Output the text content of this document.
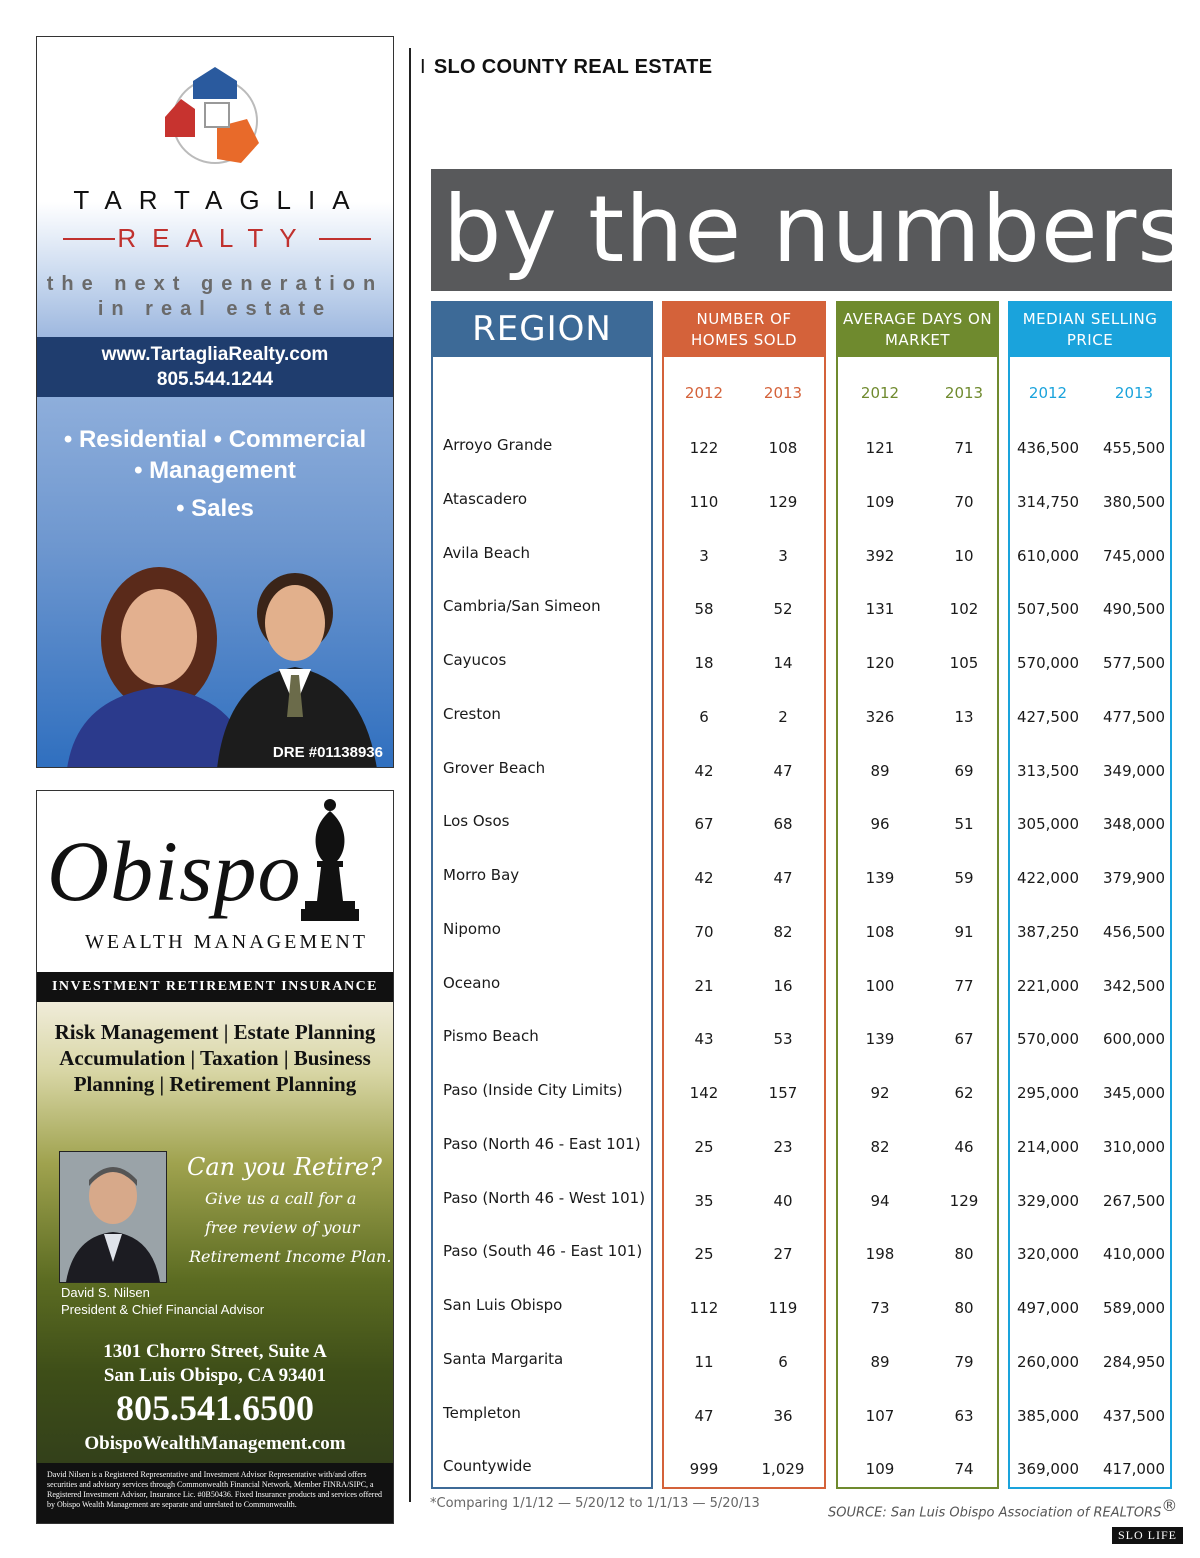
TARTAGLIA
REALTY
the next generation
in real estate
www.TartagliaRealty.com
805.544.1244
• Residential • Commercial
• Management
• Sales
DRE #01138936
Obispo
WEALTH MANAGEMENT
INVESTMENT RETIREMENT INSURANCE
Risk Management | Estate Planning
Accumulation | Taxation | Business
Planning | Retirement Planning
Can you Retire?
Give us a call for a
free review of your
Retirement Income Plan.
David S. Nilsen
President & Chief Financial Advisor
1301 Chorro Street, Suite A
San Luis Obispo, CA 93401
805.541.6500
ObispoWealthManagement.com
David Nilsen is a Registered Representative and Investment Advisor Representative with/and offers securities and advisory services through Commonwealth Financial Network, Member FINRA/SIPC, a Registered Investment Advisor, Insurance Lic. #0B50436. Fixed Insurance products and services offered by Obispo Wealth Management are separate and unrelated to Commonwealth.
I SLO COUNTY REAL ESTATE
by the numbers
REGION	NUMBER OF
HOMES SOLD
AVERAGE DAYS ON
MARKET
MEDIAN SELLING
PRICE
2012	2013	2012	2013	2012	2013
Arroyo Grande	122	108	121	71	436,500	455,500
Atascadero	110	129	109	70	314,750	380,500
Avila Beach	3	3	392	10	610,000	745,000
Cambria/San Simeon	58	52	131	102	507,500	490,500
Cayucos	18	14	120	105	570,000	577,500
Creston	6	2	326	13	427,500	477,500
Grover Beach	42	47	89	69	313,500	349,000
Los Osos	67	68	96	51	305,000	348,000
Morro Bay	42	47	139	59	422,000	379,900
Nipomo	70	82	108	91	387,250	456,500
Oceano	21	16	100	77	221,000	342,500
Pismo Beach	43	53	139	67	570,000	600,000
Paso (Inside City Limits)	142	157	92	62	295,000	345,000
Paso (North 46 - East 101)	25	23	82	46	214,000	310,000
Paso (North 46 - West 101)	35	40	94	129	329,000	267,500
Paso (South 46 - East 101)	25	27	198	80	320,000	410,000
San Luis Obispo	112	119	73	80	497,000	589,000
Santa Margarita	11	6	89	79	260,000	284,950
Templeton	47	36	107	63	385,000	437,500
Countywide	999	1,029	109	74	369,000	417,000
*Comparing 1/1/12 — 5/20/12 to 1/1/13 — 5/20/13
SOURCE: San Luis Obispo Association of REALTORS®
SLO LIFE
